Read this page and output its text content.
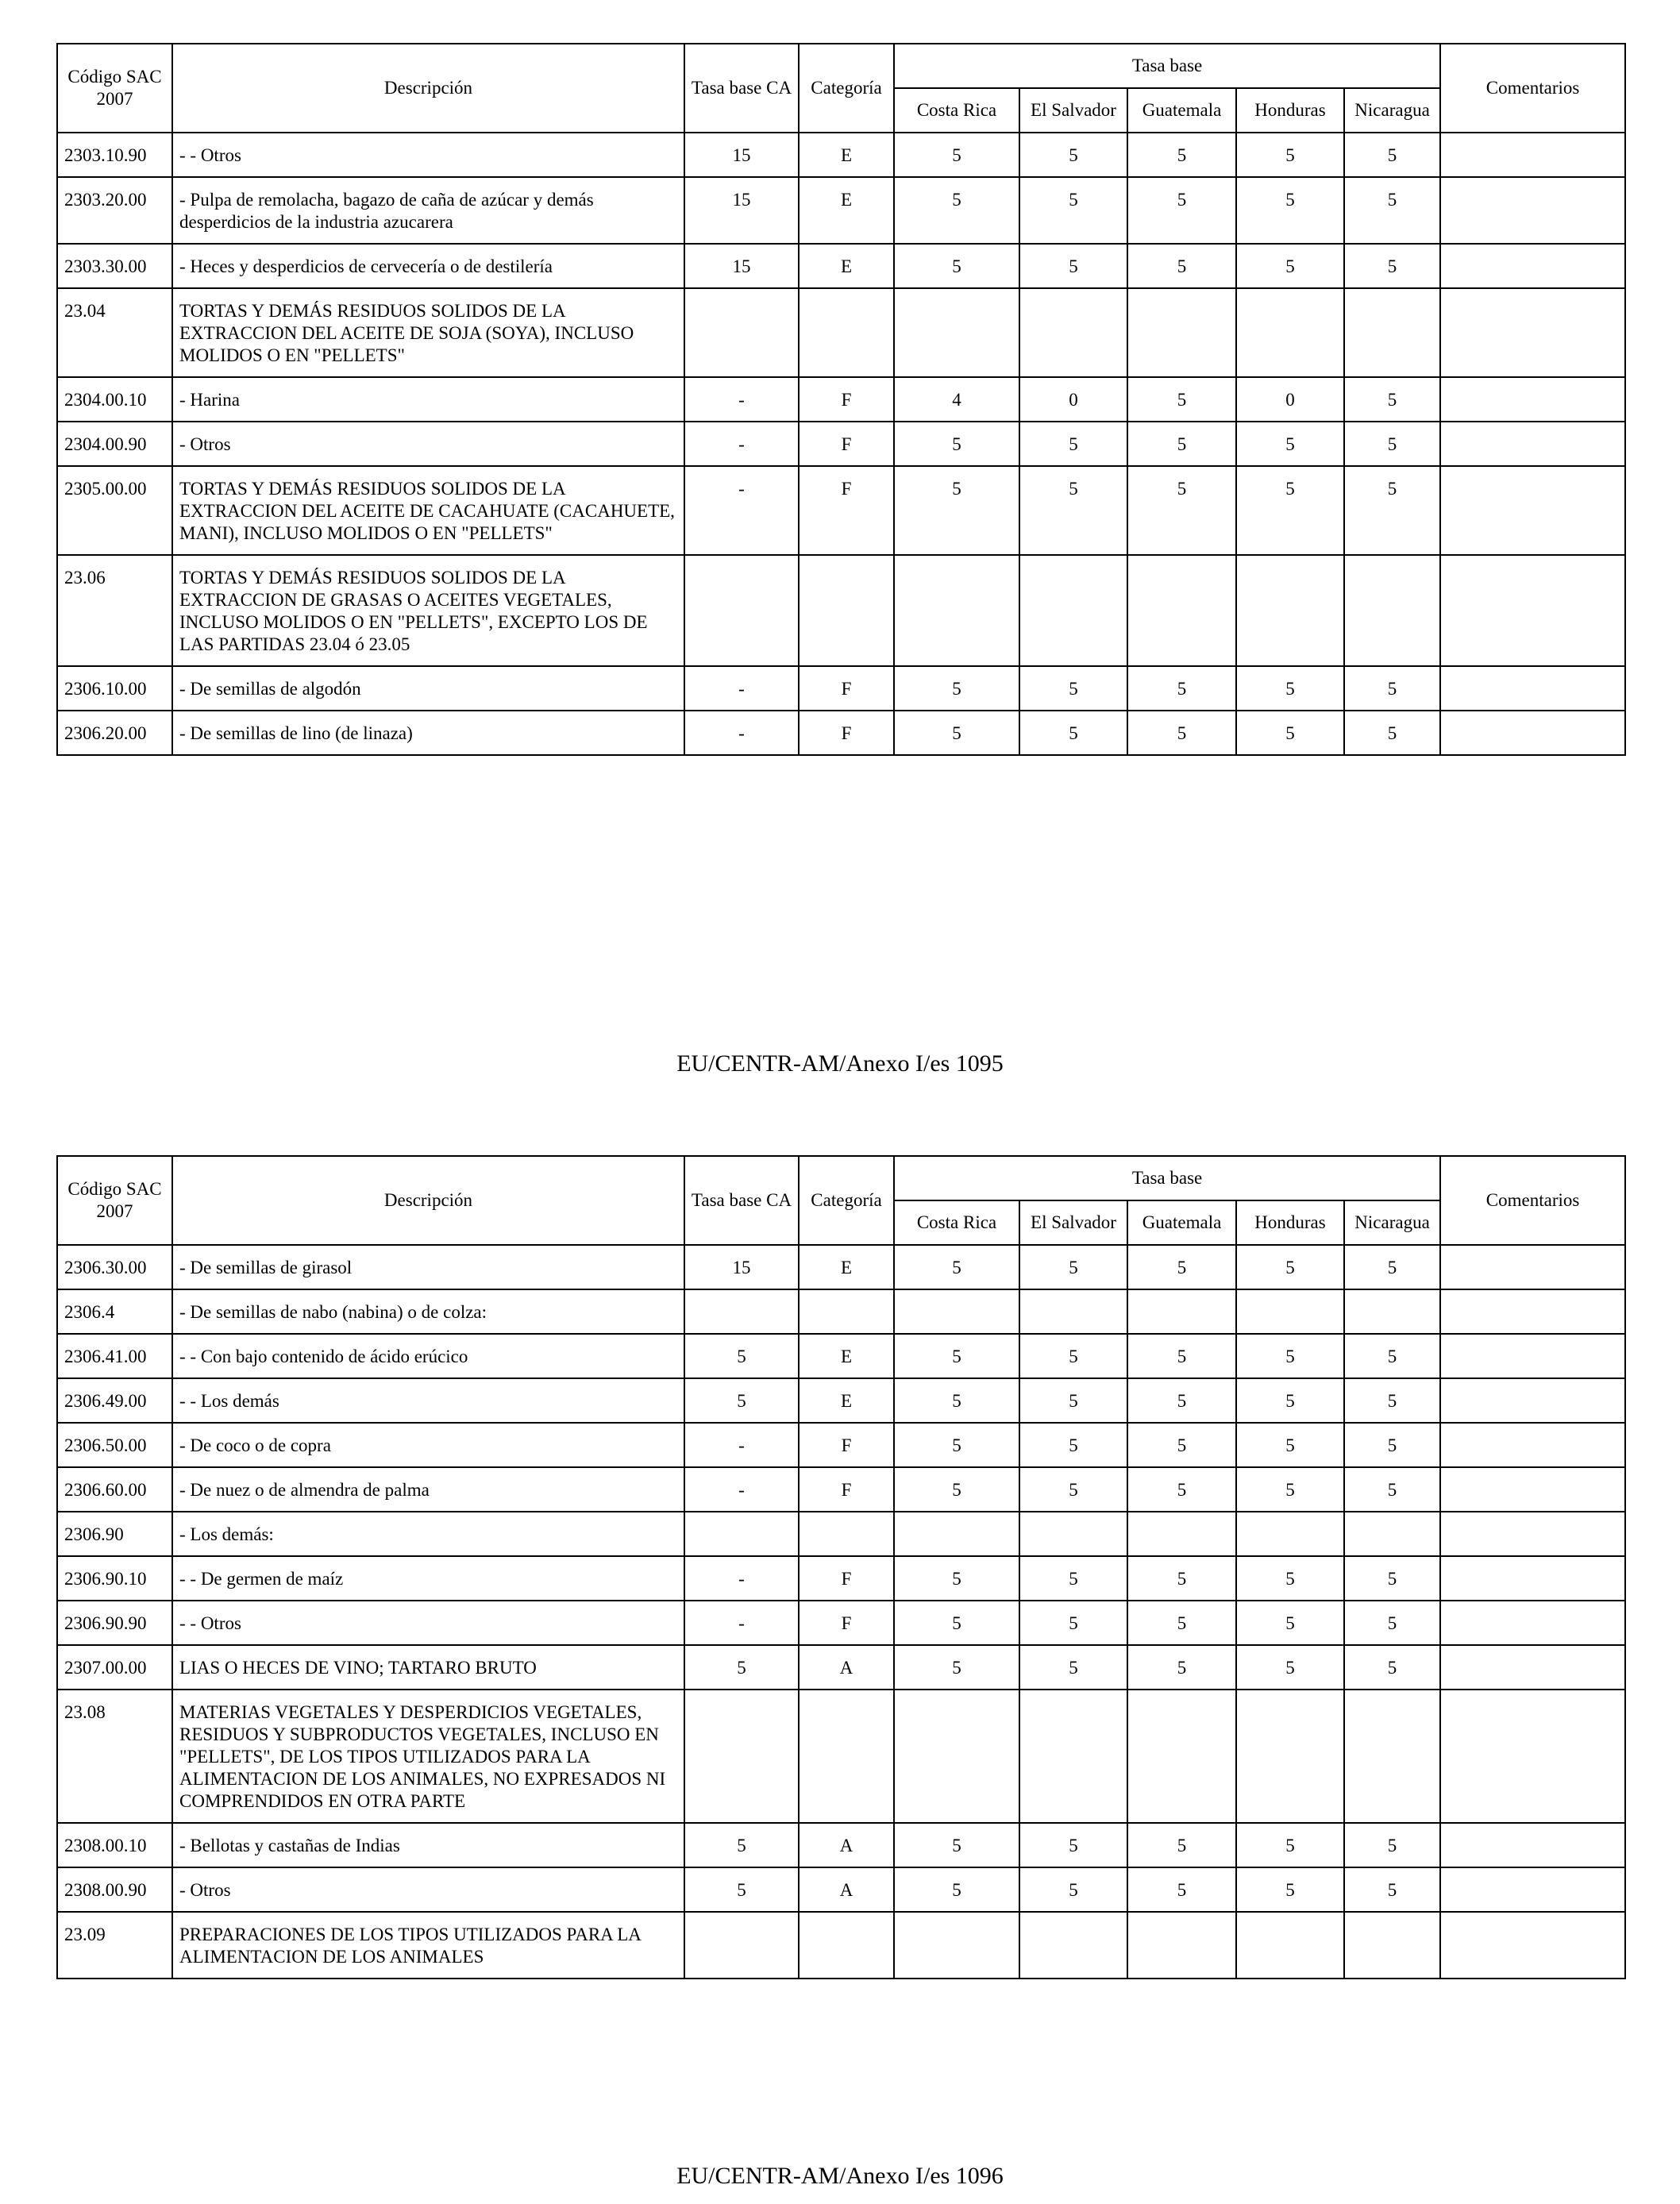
Código SAC 2007	Descripción	Tasa base CA	Categoría	Tasa base					Comentarios
				Costa Rica	El Salvador	Guatemala	Honduras	Nicaragua	
2303.10.90	- - Otros	15	E	5	5	5	5	5	
2303.20.00	- Pulpa de remolacha, bagazo de caña de azúcar y demás desperdicios de la industria azucarera	15	E	5	5	5	5	5	
2303.30.00	- Heces y desperdicios de cervecería o de destilería	15	E	5	5	5	5	5	
23.04	TORTAS Y DEMÁS RESIDUOS SOLIDOS DE LA EXTRACCION DEL ACEITE DE SOJA (SOYA), INCLUSO MOLIDOS O EN "PELLETS"								
2304.00.10	- Harina	-	F	4	0	5	0	5	
2304.00.90	- Otros	-	F	5	5	5	5	5	
2305.00.00	TORTAS Y DEMÁS RESIDUOS SOLIDOS DE LA EXTRACCION DEL ACEITE DE CACAHUATE (CACAHUETE, MANI), INCLUSO MOLIDOS O EN "PELLETS"	-	F	5	5	5	5	5	
23.06	TORTAS Y DEMÁS RESIDUOS SOLIDOS DE LA EXTRACCION DE GRASAS O ACEITES VEGETALES, INCLUSO MOLIDOS O EN "PELLETS", EXCEPTO LOS DE LAS PARTIDAS 23.04 ó 23.05								
2306.10.00	- De semillas de algodón	-	F	5	5	5	5	5	
2306.20.00	- De semillas de lino (de linaza)	-	F	5	5	5	5	5	
EU/CENTR-AM/Anexo I/es 1095
Código SAC 2007	Descripción	Tasa base CA	Categoría	Tasa base					Comentarios
				Costa Rica	El Salvador	Guatemala	Honduras	Nicaragua	
2306.30.00	- De semillas de girasol	15	E	5	5	5	5	5	
2306.4	- De semillas de nabo (nabina) o de colza:								
2306.41.00	- - Con bajo contenido de ácido erúcico	5	E	5	5	5	5	5	
2306.49.00	- - Los demás	5	E	5	5	5	5	5	
2306.50.00	- De coco o de copra	-	F	5	5	5	5	5	
2306.60.00	- De nuez o de almendra de palma	-	F	5	5	5	5	5	
2306.90	- Los demás:								
2306.90.10	- - De germen de maíz	-	F	5	5	5	5	5	
2306.90.90	- - Otros	-	F	5	5	5	5	5	
2307.00.00	LIAS O HECES DE VINO; TARTARO BRUTO	5	A	5	5	5	5	5	
23.08	MATERIAS VEGETALES Y DESPERDICIOS VEGETALES, RESIDUOS Y SUBPRODUCTOS VEGETALES, INCLUSO EN "PELLETS", DE LOS TIPOS UTILIZADOS PARA LA ALIMENTACION DE LOS ANIMALES, NO EXPRESADOS NI COMPRENDIDOS EN OTRA PARTE								
2308.00.10	- Bellotas y castañas de Indias	5	A	5	5	5	5	5	
2308.00.90	- Otros	5	A	5	5	5	5	5	
23.09	PREPARACIONES DE LOS TIPOS UTILIZADOS PARA LA ALIMENTACION DE LOS ANIMALES								
EU/CENTR-AM/Anexo I/es 1096
